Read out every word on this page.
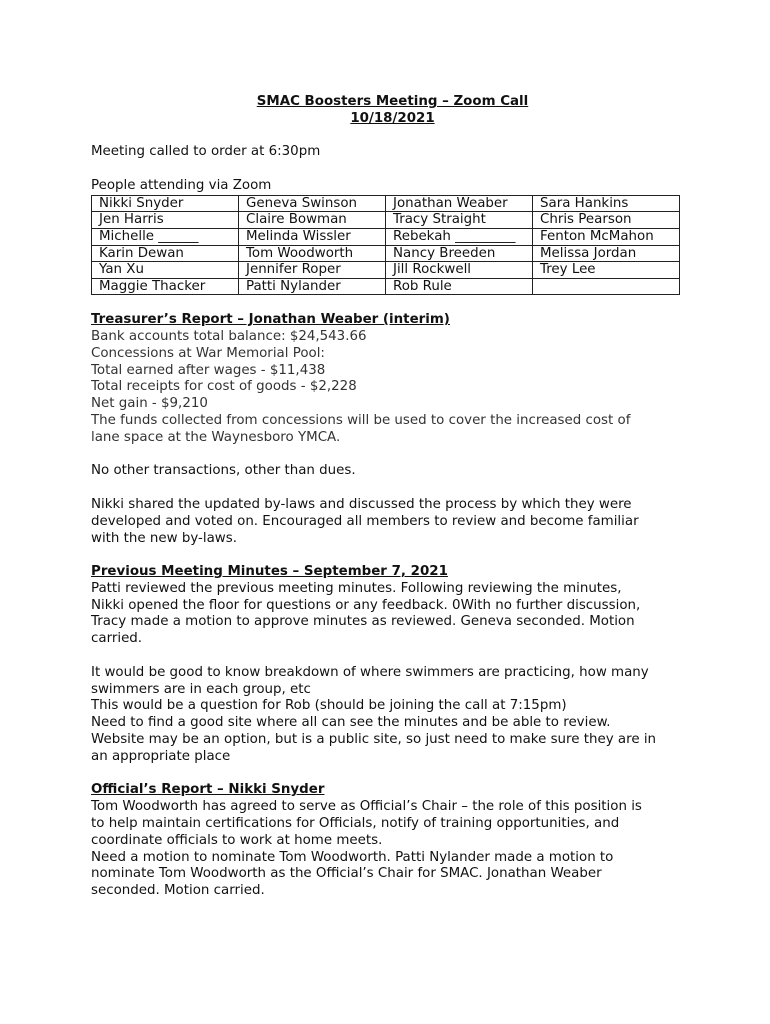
SMAC Boosters Meeting – Zoom Call
10/18/2021
Meeting called to order at 6:30pm
People attending via Zoom
Nikki Snyder	Geneva Swinson	Jonathan Weaber	Sara Hankins
Jen Harris	Claire Bowman	Tracy Straight	Chris Pearson
Michelle ______	Melinda Wissler	Rebekah _________	Fenton McMahon
Karin Dewan	Tom Woodworth	Nancy Breeden	Melissa Jordan
Yan Xu	Jennifer Roper	Jill Rockwell	Trey Lee
Maggie Thacker	Patti Nylander	Rob Rule	
Treasurer’s Report – Jonathan Weaber (interim)
Bank accounts total balance: $24,543.66
Concessions at War Memorial Pool:
Total earned after wages - $11,438
Total receipts for cost of goods - $2,228
Net gain - $9,210
The funds collected from concessions will be used to cover the increased cost of
lane space at the Waynesboro YMCA.
No other transactions, other than dues.
Nikki shared the updated by-laws and discussed the process by which they were
developed and voted on. Encouraged all members to review and become familiar
with the new by-laws.
Previous Meeting Minutes – September 7, 2021
Patti reviewed the previous meeting minutes. Following reviewing the minutes,
Nikki opened the floor for questions or any feedback. 0With no further discussion,
Tracy made a motion to approve minutes as reviewed. Geneva seconded. Motion
carried.
It would be good to know breakdown of where swimmers are practicing, how many
swimmers are in each group, etc
This would be a question for Rob (should be joining the call at 7:15pm)
Need to find a good site where all can see the minutes and be able to review.
Website may be an option, but is a public site, so just need to make sure they are in
an appropriate place
Official’s Report – Nikki Snyder
Tom Woodworth has agreed to serve as Official’s Chair – the role of this position is
to help maintain certifications for Officials, notify of training opportunities, and
coordinate officials to work at home meets.
Need a motion to nominate Tom Woodworth. Patti Nylander made a motion to
nominate Tom Woodworth as the Official’s Chair for SMAC. Jonathan Weaber
seconded. Motion carried.
